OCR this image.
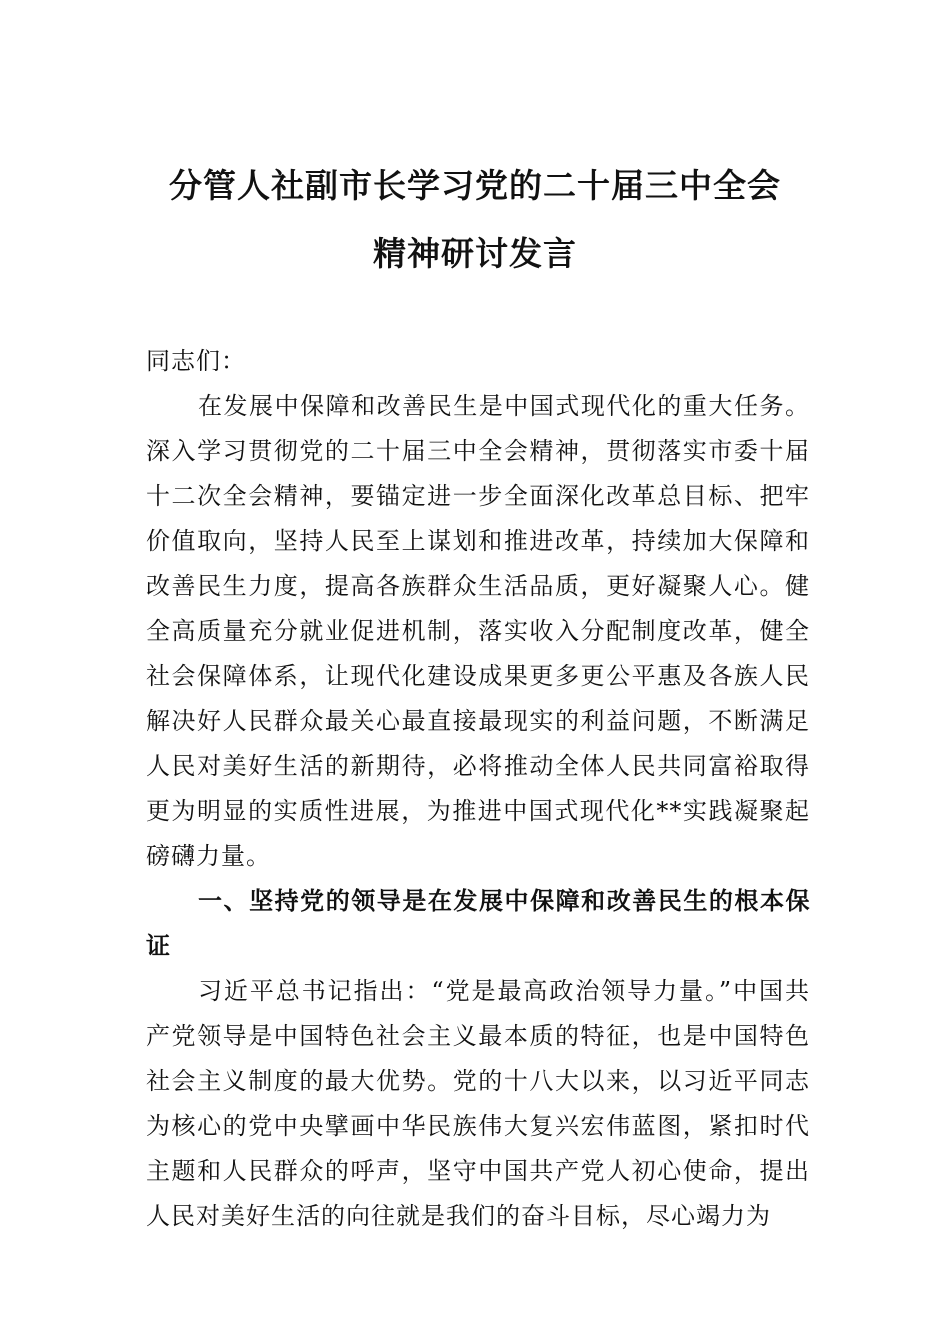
分管人社副市长学习党的二十届三中全会
精神研讨发言

同志们：

在发展中保障和改善民生是中国式现代化的重大任务。深入学习贯彻党的二十届三中全会精神，贯彻落实市委十届十二次全会精神，要锚定进一步全面深化改革总目标、把牢价值取向，坚持人民至上谋划和推进改革，持续加大保障和改善民生力度，提高各族群众生活品质，更好凝聚人心。健全高质量充分就业促进机制，落实收入分配制度改革，健全社会保障体系，让现代化建设成果更多更公平惠及各族人民解决好人民群众最关心最直接最现实的利益问题，不断满足人民对美好生活的新期待，必将推动全体人民共同富裕取得更为明显的实质性进展，为推进中国式现代化**实践凝聚起磅礴力量。

一、坚持党的领导是在发展中保障和改善民生的根本保证

习近平总书记指出：“党是最高政治领导力量。”中国共产党领导是中国特色社会主义最本质的特征，也是中国特色社会主义制度的最大优势。党的十八大以来，以习近平同志为核心的党中央擘画中华民族伟大复兴宏伟蓝图，紧扣时代主题和人民群众的呼声，坚守中国共产党人初心使命，提出人民对美好生活的向往就是我们的奋斗目标，尽心竭力为
